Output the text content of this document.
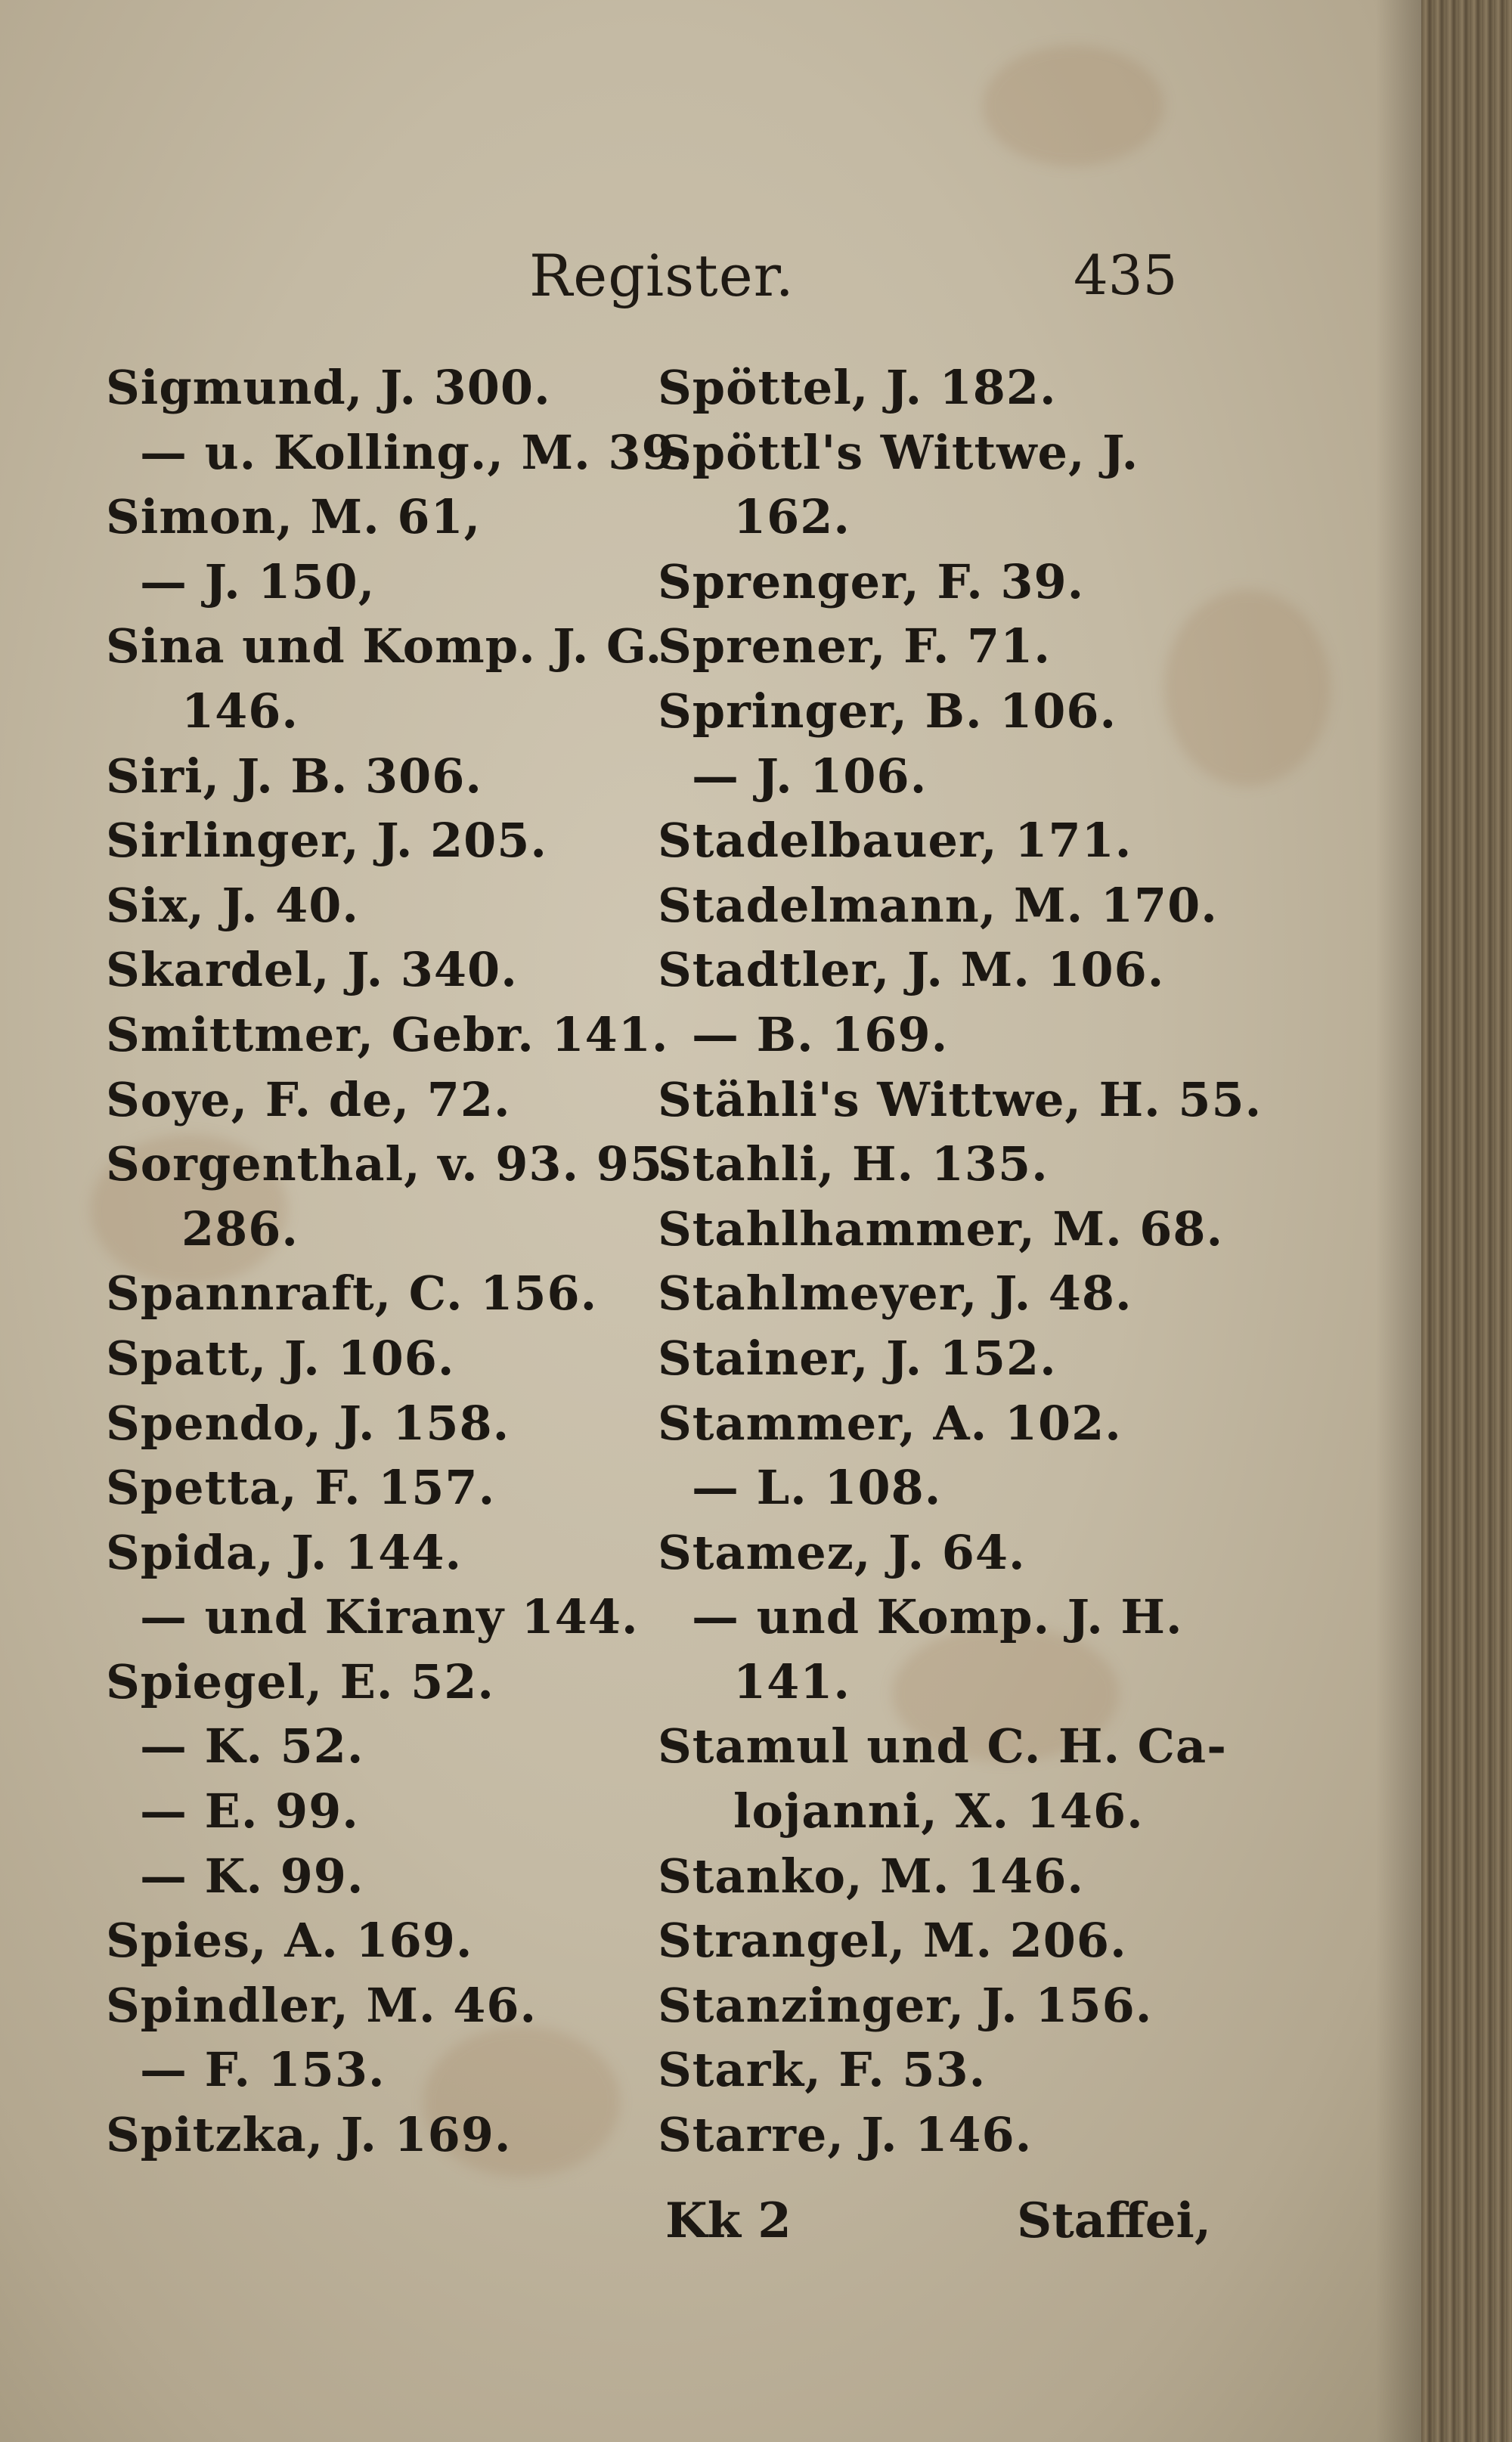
Register.	435
Sigmund, J. 300.
— u. Kolling., M. 39.
Simon, M. 61,
— J. 150,
Sina und Komp. J. G.
146.
Siri, J. B. 306.
Sirlinger, J. 205.
Six, J. 40.
Skardel, J. 340.
Smittmer, Gebr. 141.
Soye, F. de, 72.
Sorgenthal, v. 93. 95.
286.
Spannraft, C. 156.
Spatt, J. 106.
Spendo, J. 158.
Spetta, F. 157.
Spida, J. 144.
— und Kirany 144.
Spiegel, E. 52.
— K. 52.
— E. 99.
— K. 99.
Spies, A. 169.
Spindler, M. 46.
— F. 153.
Spitzka, J. 169.
Spöttel, J. 182.
Spöttl's Wittwe, J.
162.
Sprenger, F. 39.
Sprener, F. 71.
Springer, B. 106.
— J. 106.
Stadelbauer, 171.
Stadelmann, M. 170.
Stadtler, J. M. 106.
— B. 169.
Stähli's Wittwe, H. 55.
Stahli, H. 135.
Stahlhammer, M. 68.
Stahlmeyer, J. 48.
Stainer, J. 152.
Stammer, A. 102.
— L. 108.
Stamez, J. 64.
— und Komp. J. H.
141.
Stamul und C. H. Ca-
lojanni, X. 146.
Stanko, M. 146.
Strangel, M. 206.
Stanzinger, J. 156.
Stark, F. 53.
Starre, J. 146.
Kk 2	Staffei,
